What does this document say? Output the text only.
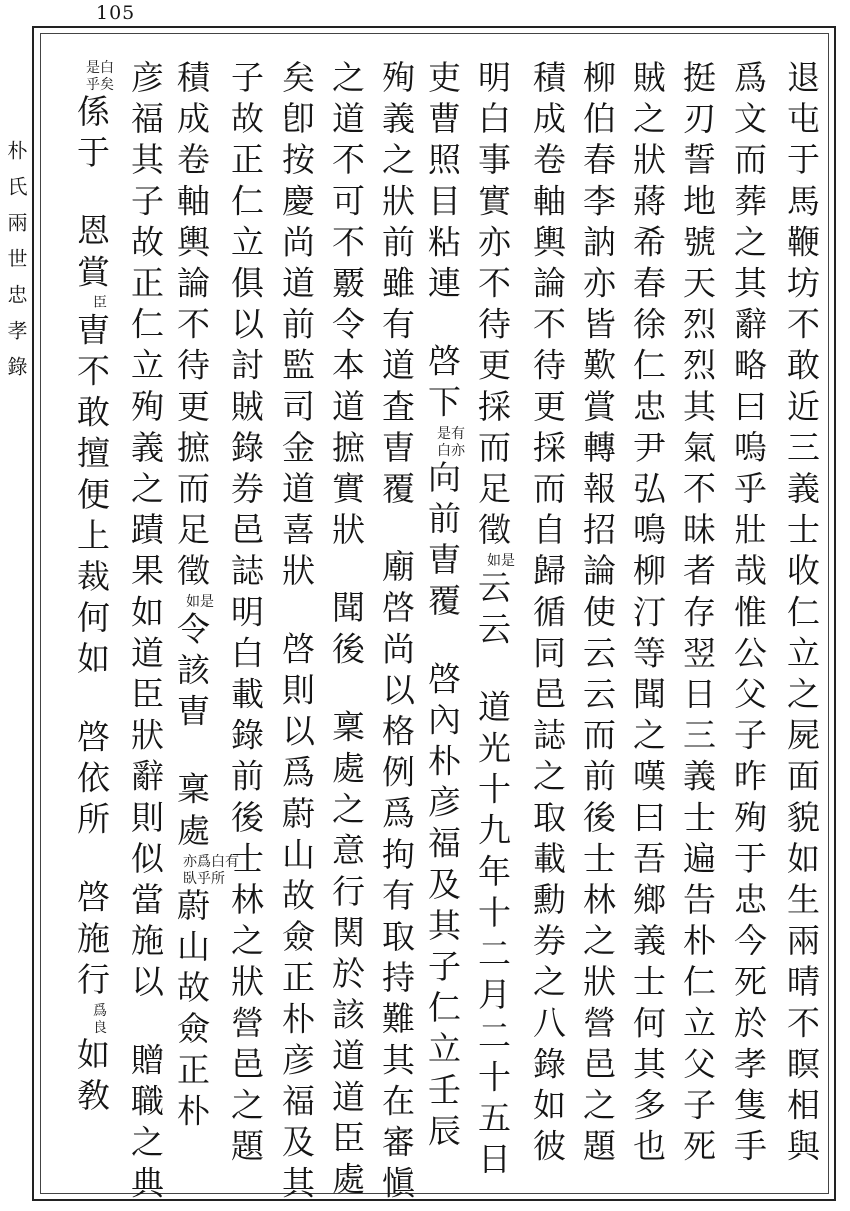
105
朴氏兩世忠孝錄	退屯于馬鞭坊不敢近三義士收仁立之屍面貌如生兩晴不瞑相與
爲文而葬之其辭略曰嗚乎壯哉惟公父子昨殉于忠今死於孝隻手
挺刃誓地號天烈烈其氣不昧者存翌日三義士遍告朴仁立父子死
賊之狀蔣希春徐仁忠尹弘鳴柳汀等聞之嘆曰吾鄉義士何其多也
柳伯春李訥亦皆歎賞轉報招論使云云而前後士林之狀營邑之題
積成卷軸輿論不待更採而自歸循同邑誌之取載勳券之八錄如彼
明白事實亦不待更採而足徵
如是
云云道光十九年十二月二十五日
吏曹照目粘連啓下
是有
白亦
向前曺覆啓內朴彦福及其子仁立壬辰
殉義之狀前雖有道査曺覆廟啓尚以格例爲拘有取持難其在審愼
之道不可不覈令本道摭實狀聞後稟處之意行関於該道道臣處
矣卽按慶尚道前監司金道喜狀啓則以爲蔚山故僉正朴彦福及其
子故正仁立俱以討賊錄券邑誌明白載錄前後士林之狀營邑之題
積成卷軸輿論不待更摭而足徵
如是
令該曺稟處
亦爲白有
臥乎所
蔚山故僉正朴
彦福其子故正仁立殉義之蹟果如道臣狀辭則似當施以贈職之典
是白
乎矣
係于恩賞
臣
曺不敢擅便上裁何如啓依所啓施行
爲
良
如敎
